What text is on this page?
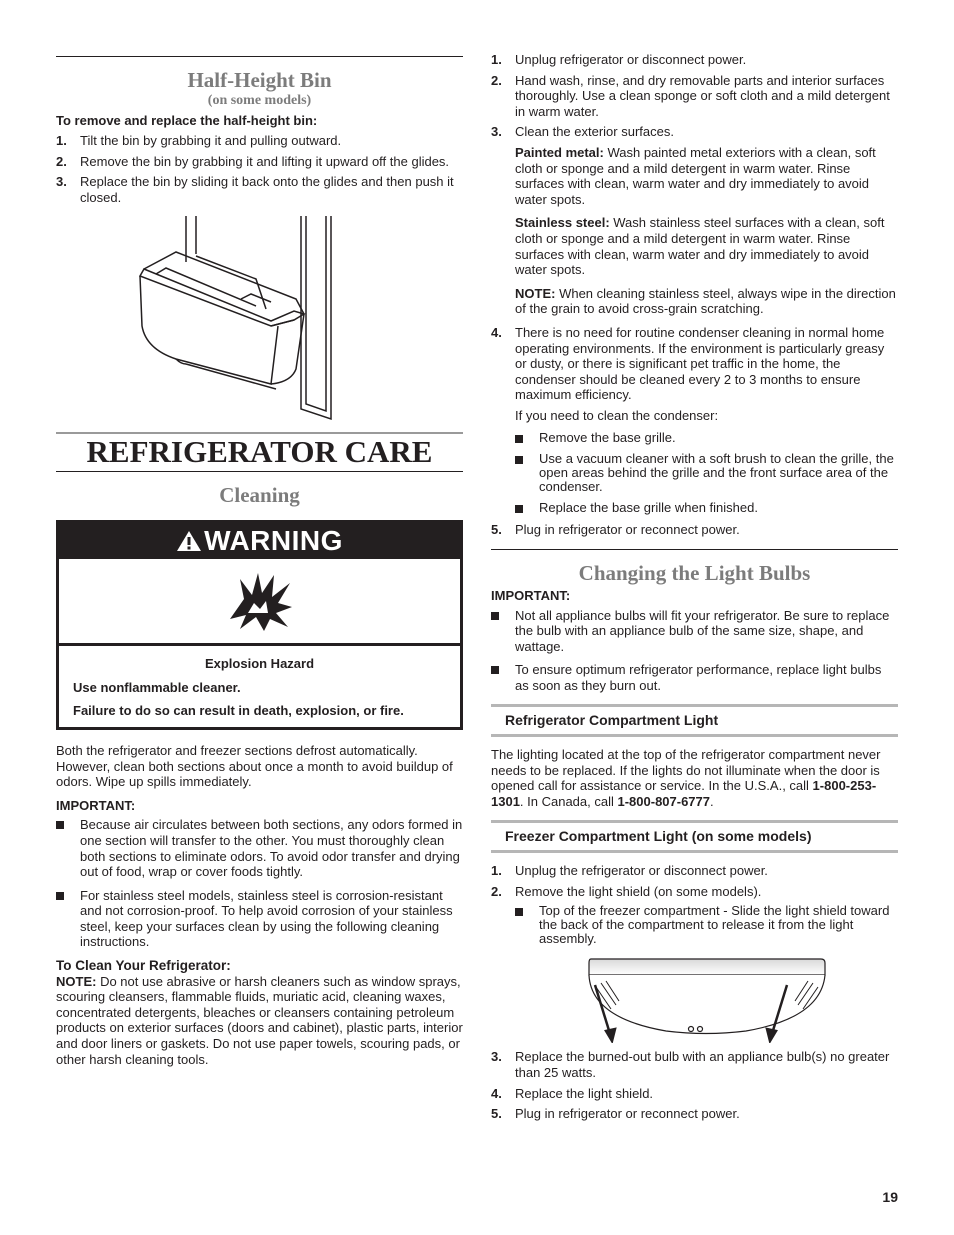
Half-Height Bin
(on some models)
To remove and replace the half-height bin:
1. Tilt the bin by grabbing it and pulling outward.
2. Remove the bin by grabbing it and lifting it upward off the glides.
3. Replace the bin by sliding it back onto the glides and then push it closed.
REFRIGERATOR CARE
Cleaning
WARNING
Explosion Hazard
Use nonflammable cleaner.
Failure to do so can result in death, explosion, or fire.

Both the refrigerator and freezer sections defrost automatically. However, clean both sections about once a month to avoid buildup of odors. Wipe up spills immediately.

IMPORTANT:
Because air circulates between both sections, any odors formed in one section will transfer to the other. You must thoroughly clean both sections to eliminate odors. To avoid odor transfer and drying out of food, wrap or cover foods tightly.
For stainless steel models, stainless steel is corrosion-resistant and not corrosion-proof. To help avoid corrosion of your stainless steel, keep your surfaces clean by using the following cleaning instructions.
To Clean Your Refrigerator:

NOTE: Do not use abrasive or harsh cleaners such as window sprays, scouring cleansers, flammable fluids, muriatic acid, cleaning waxes, concentrated detergents, bleaches or cleansers containing petroleum products on exterior surfaces (doors and cabinet), plastic parts, interior and door liners or gaskets. Do not use paper towels, scouring pads, or other harsh cleaning tools.

1. Unplug refrigerator or disconnect power.
2. Hand wash, rinse, and dry removable parts and interior surfaces thoroughly. Use a clean sponge or soft cloth and a mild detergent in warm water.
3. Clean the exterior surfaces.

Painted metal: Wash painted metal exteriors with a clean, soft cloth or sponge and a mild detergent in warm water. Rinse surfaces with clean, warm water and dry immediately to avoid water spots.

Stainless steel: Wash stainless steel surfaces with a clean, soft cloth or sponge and a mild detergent in warm water. Rinse surfaces with clean, warm water and dry immediately to avoid water spots.

NOTE: When cleaning stainless steel, always wipe in the direction of the grain to avoid cross-grain scratching.

4. There is no need for routine condenser cleaning in normal home operating environments. If the environment is particularly greasy or dusty, or there is significant pet traffic in the home, the condenser should be cleaned every 2 to 3 months to ensure maximum efficiency.

If you need to clean the condenser:

Remove the base grille.
Use a vacuum cleaner with a soft brush to clean the grille, the open areas behind the grille and the front surface area of the condenser.
Replace the base grille when finished.
5. Plug in refrigerator or reconnect power.
Changing the Light Bulbs
IMPORTANT:
Not all appliance bulbs will fit your refrigerator. Be sure to replace the bulb with an appliance bulb of the same size, shape, and wattage.
To ensure optimum refrigerator performance, replace light bulbs as soon as they burn out.
Refrigerator Compartment Light

The lighting located at the top of the refrigerator compartment never needs to be replaced. If the lights do not illuminate when the door is opened call for assistance or service. In the U.S.A., call 1-800-253-1301. In Canada, call 1-800-807-6777.

Freezer Compartment Light (on some models)
1. Unplug the refrigerator or disconnect power.
2. Remove the light shield (on some models).
Top of the freezer compartment - Slide the light shield toward the back of the compartment to release it from the light assembly.
3. Replace the burned-out bulb with an appliance bulb(s) no greater than 25 watts.
4. Replace the light shield.
5. Plug in refrigerator or reconnect power.
19
